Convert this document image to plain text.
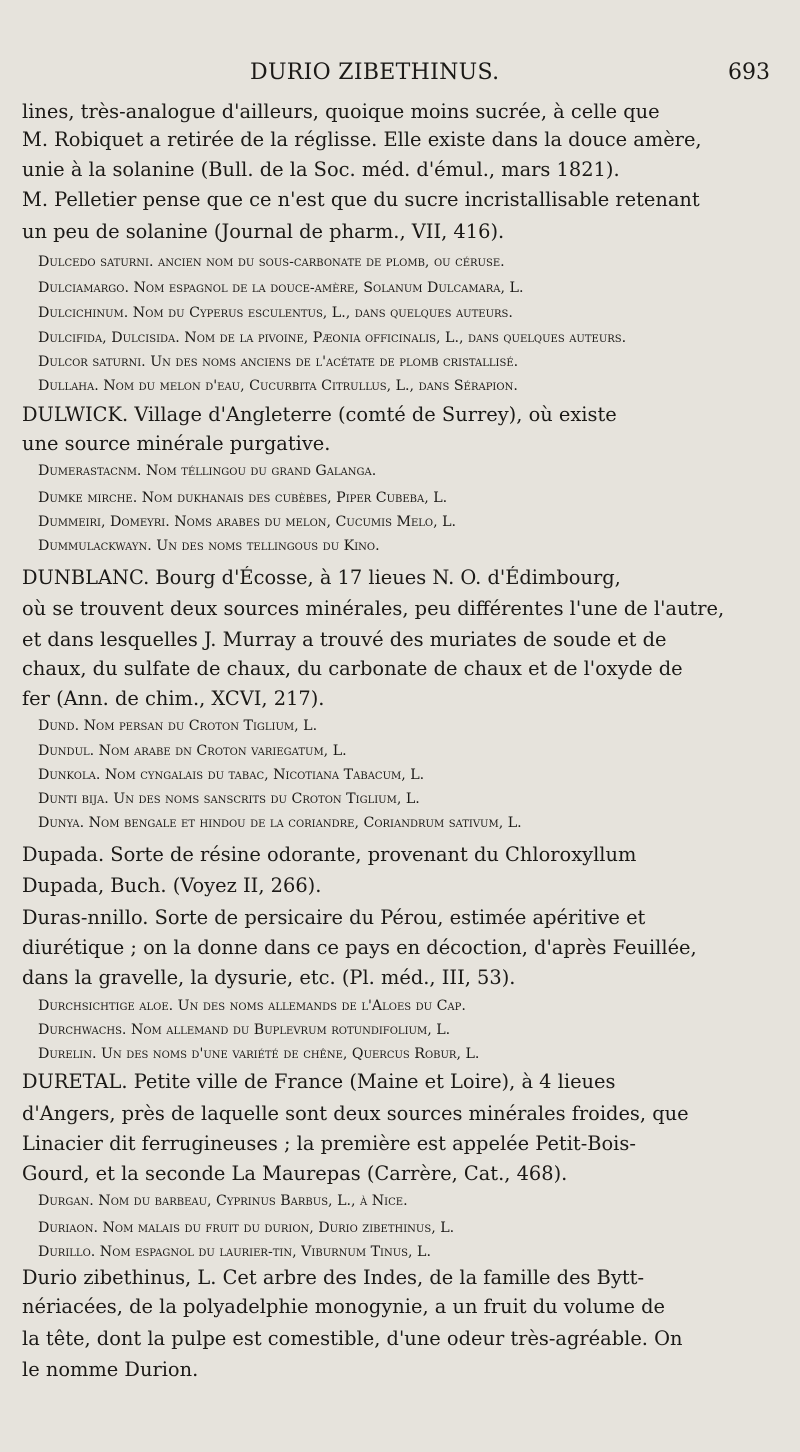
DURIO ZIBETHINUS.	693
lines, très-analogue d'ailleurs, quoique moins sucrée, à celle que
M. Robiquet a retirée de la réglisse. Elle existe dans la douce amère,
unie à la solanine (Bull. de la Soc. méd. d'émul., mars 1821).
M. Pelletier pense que ce n'est que du sucre incristallisable retenant
un peu de solanine (Journal de pharm., VII, 416).
Dulcedo saturni. ancien nom du sous-carbonate de plomb, ou céruse.
Dulciamargo. Nom espagnol de la douce-amère, Solanum Dulcamara, L.
Dulcichinum. Nom du Cyperus esculentus, L., dans quelques auteurs.
Dulcifida, Dulcisida. Nom de la pivoine, Pæonia officinalis, L., dans quelques auteurs.
Dulcor saturni. Un des noms anciens de l'acétate de plomb cristallisé.
Dullaha. Nom du melon d'eau, Cucurbita Citrullus, L., dans Sérapion.
DULWICK. Village d'Angleterre (comté de Surrey), où existe
une source minérale purgative.
Dumerastacnm. Nom téllingou du grand Galanga.
Dumke mirche. Nom dukhanais des cubèbes, Piper Cubeba, L.
Dummeiri, Domeyri. Noms arabes du melon, Cucumis Melo, L.
Dummulackwayn. Un des noms tellingous du Kino.
DUNBLANC. Bourg d'Écosse, à 17 lieues N. O. d'Édimbourg,
où se trouvent deux sources minérales, peu différentes l'une de l'autre,
et dans lesquelles J. Murray a trouvé des muriates de soude et de
chaux, du sulfate de chaux, du carbonate de chaux et de l'oxyde de
fer (Ann. de chim., XCVI, 217).
Dund. Nom persan du Croton Tiglium, L.
Dundul. Nom arabe dn Croton variegatum, L.
Dunkola. Nom cyngalais du tabac, Nicotiana Tabacum, L.
Dunti bija. Un des noms sanscrits du Croton Tiglium, L.
Dunya. Nom bengale et hindou de la coriandre, Coriandrum sativum, L.
Dupada. Sorte de résine odorante, provenant du Chloroxyllum
Dupada, Buch. (Voyez II, 266).
Duras-nnillo. Sorte de persicaire du Pérou, estimée apéritive et
diurétique ; on la donne dans ce pays en décoction, d'après Feuillée,
dans la gravelle, la dysurie, etc. (Pl. méd., III, 53).
Durchsichtige aloe. Un des noms allemands de l'Aloes du Cap.
Durchwachs. Nom allemand du Buplevrum rotundifolium, L.
Durelin. Un des noms d'une variété de chêne, Quercus Robur, L.
DURETAL. Petite ville de France (Maine et Loire), à 4 lieues
d'Angers, près de laquelle sont deux sources minérales froides, que
Linacier dit ferrugineuses ; la première est appelée Petit-Bois-
Gourd, et la seconde La Maurepas (Carrère, Cat., 468).
Durgan. Nom du barbeau, Cyprinus Barbus, L., à Nice.
Duriaon. Nom malais du fruit du durion, Durio zibethinus, L.
Durillo. Nom espagnol du laurier-tin, Viburnum Tinus, L.
Durio zibethinus, L. Cet arbre des Indes, de la famille des Bytt-
nériacées, de la polyadelphie monogynie, a un fruit du volume de
la tête, dont la pulpe est comestible, d'une odeur très-agréable. On
le nomme Durion.
